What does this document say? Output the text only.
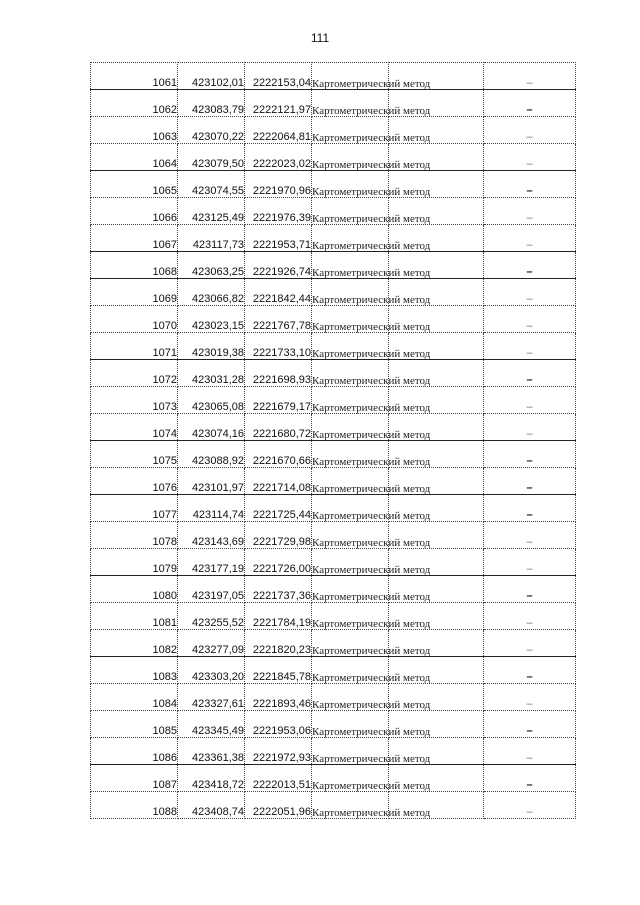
111
1061	423102,01	2222153,04	Картометрический метод		–
1062	423083,79	2222121,97	Картометрический метод		–
1063	423070,22	2222064,81	Картометрический метод		–
1064	423079,50	2222023,02	Картометрический метод		–
1065	423074,55	2221970,96	Картометрический метод		–
1066	423125,49	2221976,39	Картометрический метод		–
1067	423117,73	2221953,71	Картометрический метод		–
1068	423063,25	2221926,74	Картометрический метод		–
1069	423066,82	2221842,44	Картометрический метод		–
1070	423023,15	2221767,78	Картометрический метод		–
1071	423019,38	2221733,10	Картометрический метод		–
1072	423031,28	2221698,93	Картометрический метод		–
1073	423065,08	2221679,17	Картометрический метод		–
1074	423074,16	2221680,72	Картометрический метод		–
1075	423088,92	2221670,66	Картометрический метод		–
1076	423101,97	2221714,08	Картометрический метод		–
1077	423114,74	2221725,44	Картометрический метод		–
1078	423143,69	2221729,98	Картометрический метод		–
1079	423177,19	2221726,00	Картометрический метод		–
1080	423197,05	2221737,36	Картометрический метод		–
1081	423255,52	2221784,19	Картометрический метод		–
1082	423277,09	2221820,23	Картометрический метод		–
1083	423303,20	2221845,78	Картометрический метод		–
1084	423327,61	2221893,46	Картометрический метод		–
1085	423345,49	2221953,06	Картометрический метод		–
1086	423361,38	2221972,93	Картометрический метод		–
1087	423418,72	2222013,51	Картометрический метод		–
1088	423408,74	2222051,96	Картометрический метод		–
